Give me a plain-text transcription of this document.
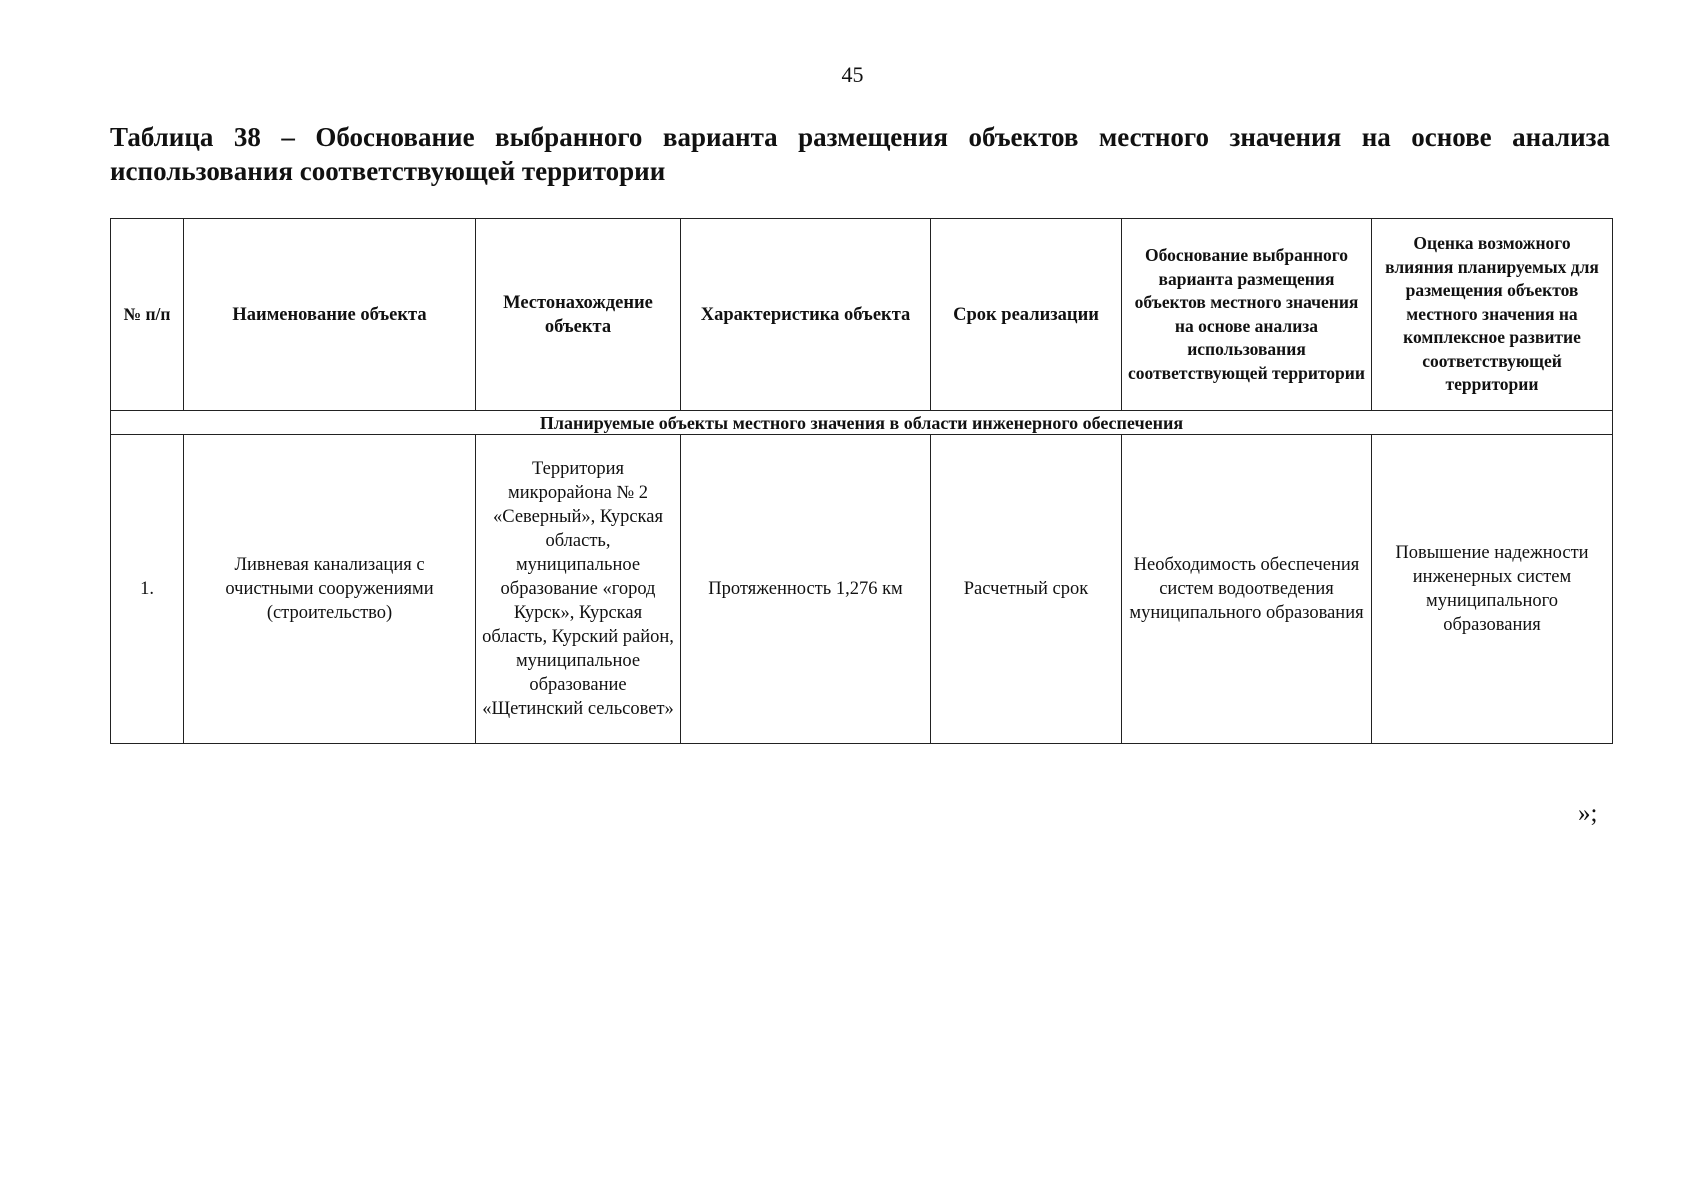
45
Таблица 38 – Обоснование выбранного варианта размещения объектов местного значения на основе анализа использования соответствующей территории
№ п/п	Наименование объекта	Местонахождение объекта	Характеристика объекта	Срок реализации	Обоснование выбранного варианта размещения объектов местного значения на основе анализа использования соответствующей территории	Оценка возможного влияния планируемых для размещения объектов местного значения на комплексное развитие соответствующей территории
Планируемые объекты местного значения в области инженерного обеспечения						
1.	Ливневая канализация с очистными сооружениями (строительство)	Территория микрорайона № 2 «Северный», Курская область, муниципальное образование «город Курск», Курская область, Курский район, муниципальное образование «Щетинский сельсовет»	Протяженность 1,276 км	Расчетный срок	Необходимость обеспечения систем водоотведения муниципального образования	Повышение надежности инженерных систем муниципального образования
»;
